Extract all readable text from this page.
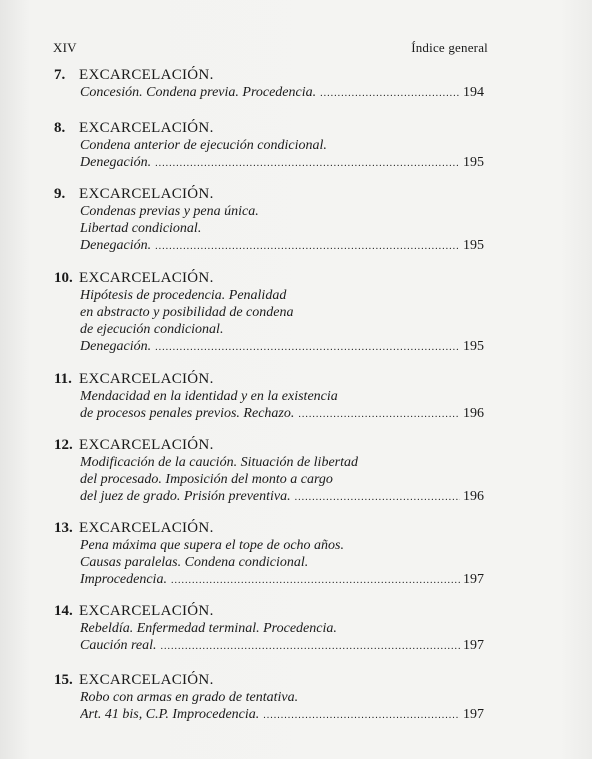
XIV	Índice general
7. EXCARCELACIÓN.
Concesión. Condena previa. Procedencia. .....	194
8. EXCARCELACIÓN.
Condena anterior de ejecución condicional.
Denegación. .....	195
9. EXCARCELACIÓN.
Condenas previas y pena única.
Libertad condicional.
Denegación. .....	195
10. EXCARCELACIÓN.
Hipótesis de procedencia. Penalidad
en abstracto y posibilidad de condena
de ejecución condicional.
Denegación. .....	195
11. EXCARCELACIÓN.
Mendacidad en la identidad y en la existencia
de procesos penales previos. Rechazo. .....	196
12. EXCARCELACIÓN.
Modificación de la caución. Situación de libertad
del procesado. Imposición del monto a cargo
del juez de grado. Prisión preventiva. .....	196
13. EXCARCELACIÓN.
Pena máxima que supera el tope de ocho años.
Causas paralelas. Condena condicional.
Improcedencia. .....	197
14. EXCARCELACIÓN.
Rebeldía. Enfermedad terminal. Procedencia.
Caución real. .....	197
15. EXCARCELACIÓN.
Robo con armas en grado de tentativa.
Art. 41 bis, C.P. Improcedencia. .....	197
